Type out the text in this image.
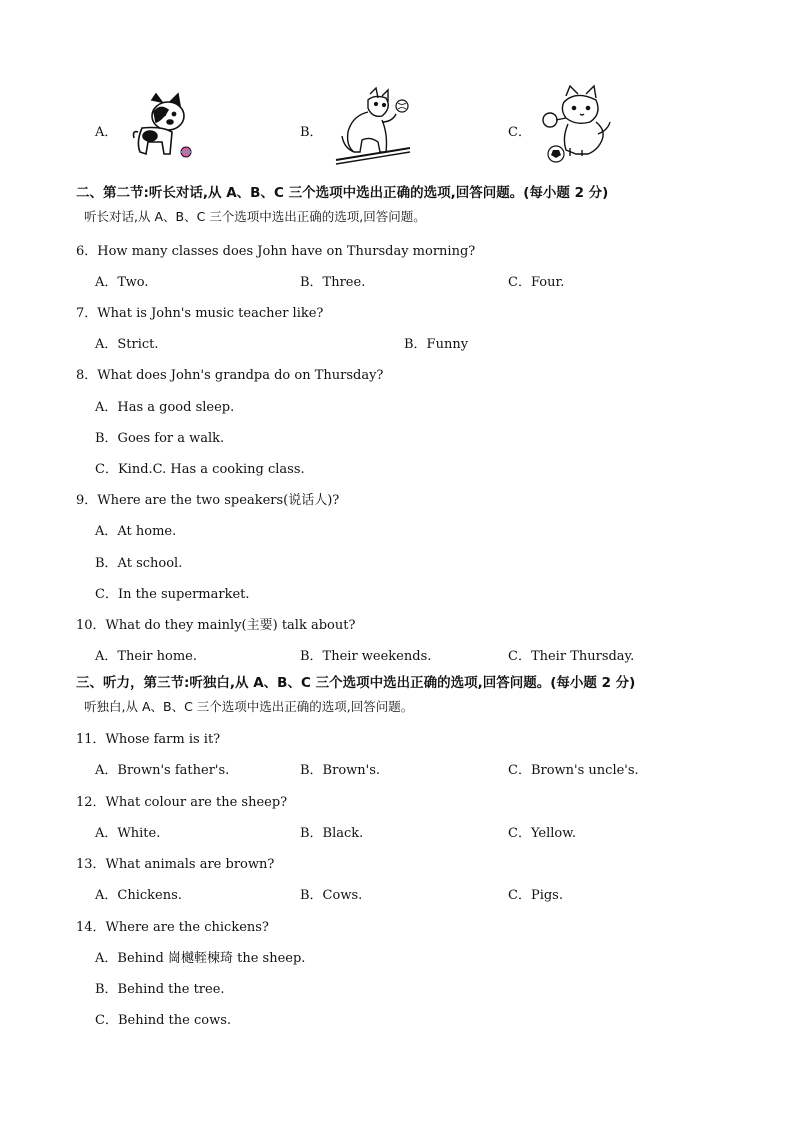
A．	B．	C．
二、第二节:听长对话,从 A、B、C 三个选项中选出正确的选项,回答问题。(每小题 2 分)
听长对话,从 A、B、C 三个选项中选出正确的选项,回答问题。
6．How many classes does John have on Thursday morning?
A．Two.	B．Three.	C．Four.
7．What is John's music teacher like?
A．Strict.	B．Funny
8．What does John's grandpa do on Thursday?
A．Has a good sleep.
B．Goes for a walk.
C．Kind.C. Has a cooking class.
9．Where are the two speakers(说话人)?
A．At home.
B．At school.
C．In the supermarket.
10．What do they mainly(主要) talk about?
A．Their home.	B．Their weekends.	C．Their Thursday.
三、听力，第三节:听独白,从 A、B、C 三个选项中选出正确的选项,回答问题。(每小题 2 分)
听独白,从 A、B、C 三个选项中选出正确的选项,回答问题。
11．Whose farm is it?
A．Brown's father's.	B．Brown's.	C．Brown's uncle's.
12．What colour are the sheep?
A．White.	B．Black.	C．Yellow.
13．What animals are brown?
A．Chickens.	B．Cows.	C．Pigs.
14．Where are the chickens?
A．Behind 崗樾輊楝琦 the sheep.
B．Behind the tree.
C．Behind the cows.
